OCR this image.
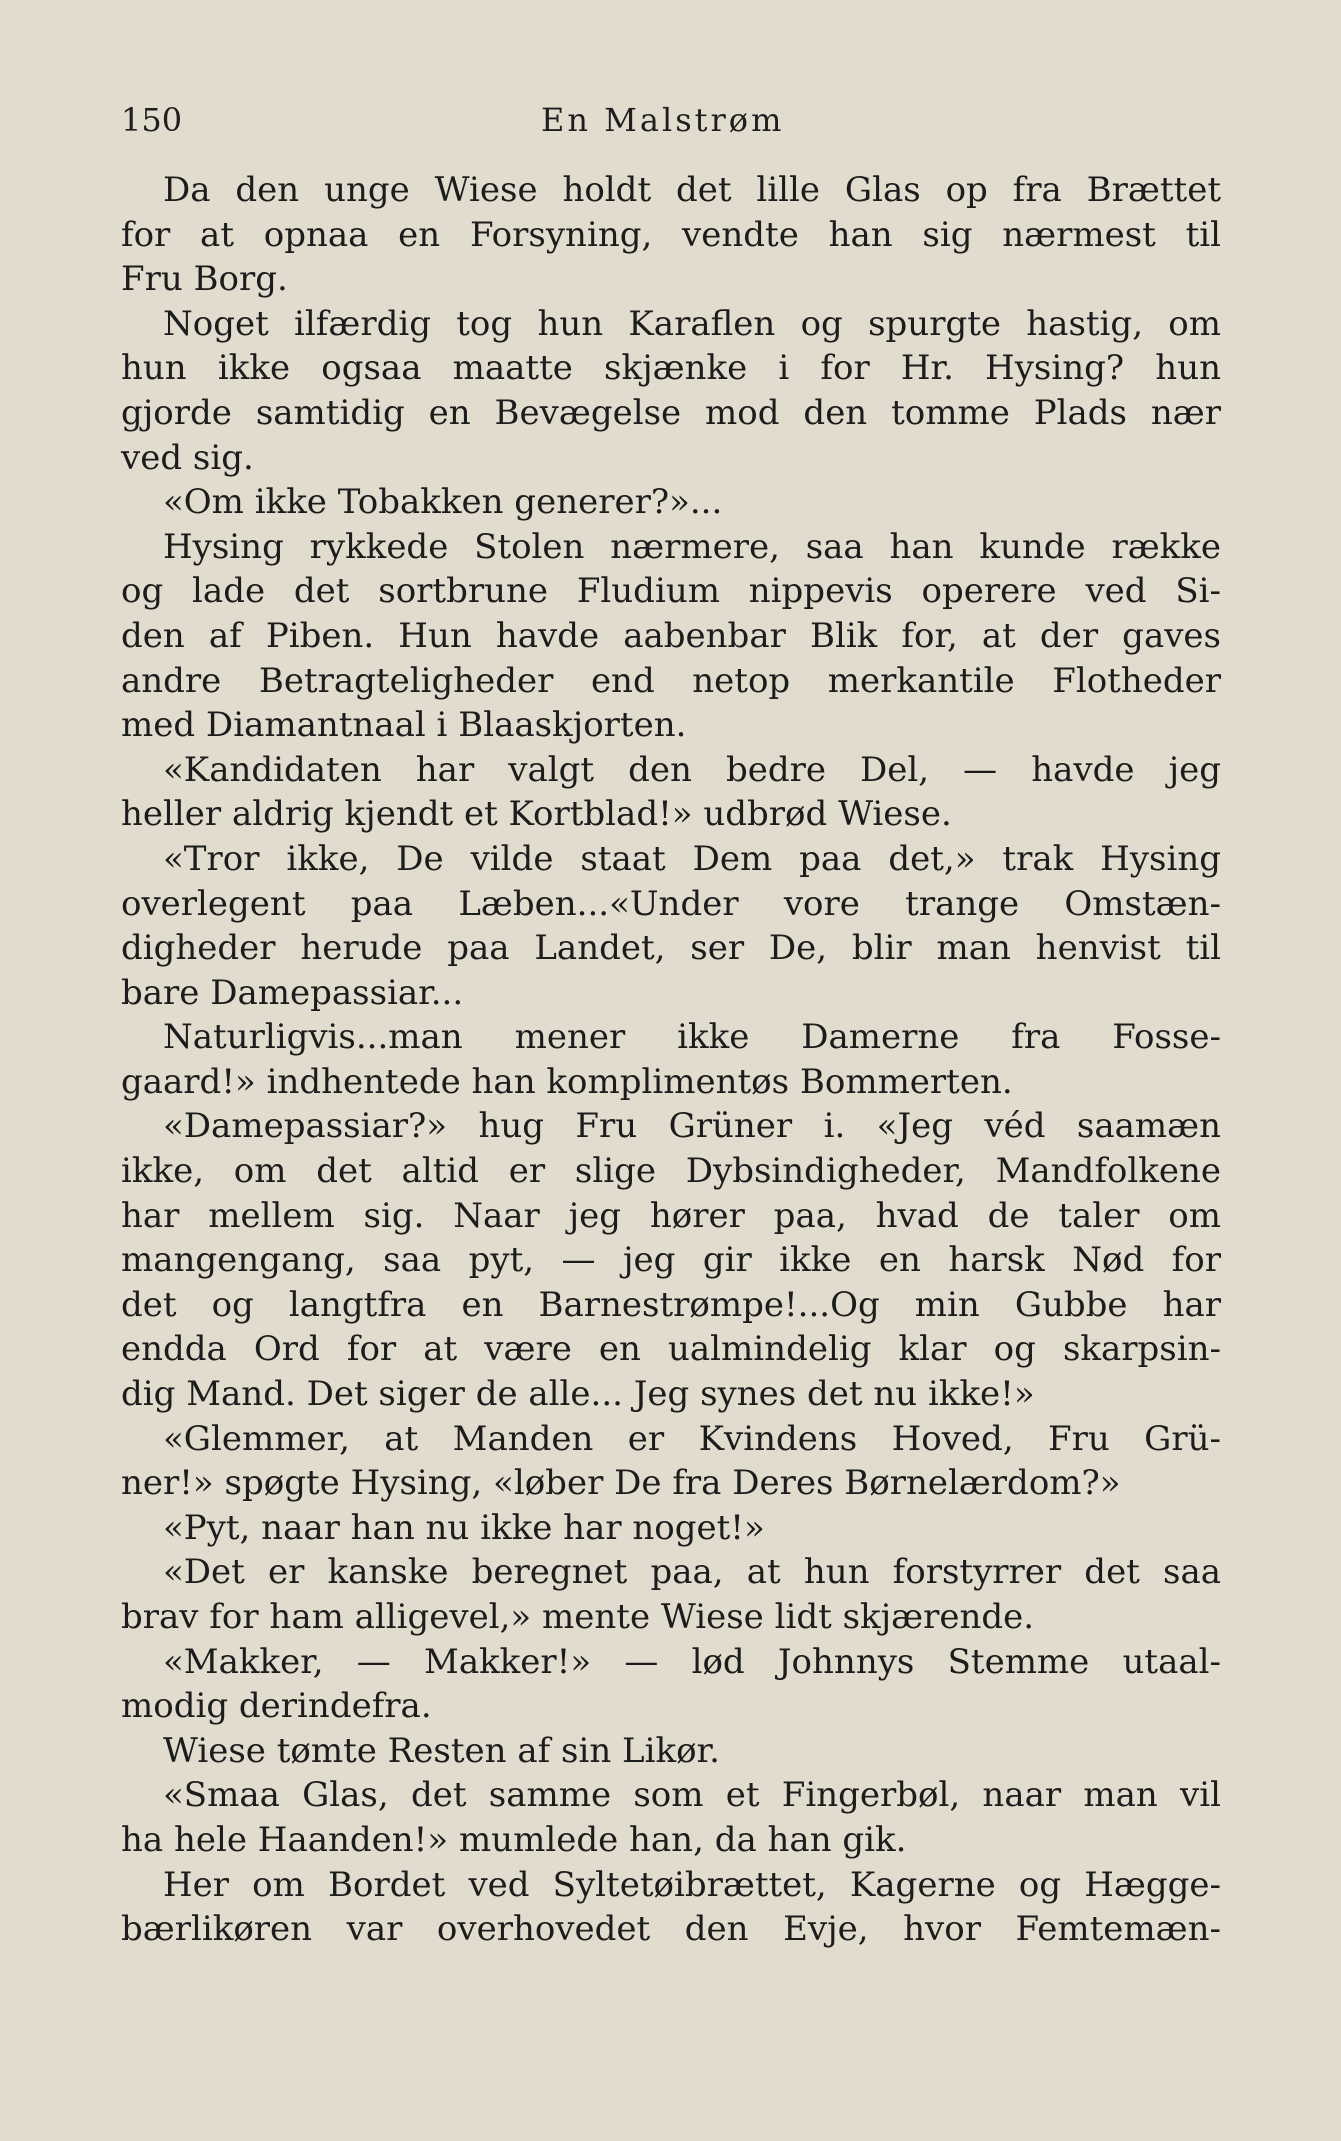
150	En Malstrøm
Da den unge Wiese holdt det lille Glas op fra Brættet
for at opnaa en Forsyning, vendte han sig nærmest til
Fru Borg.
Noget ilfærdig tog hun Karaflen og spurgte hastig, om
hun ikke ogsaa maatte skjænke i for Hr. Hysing? hun
gjorde samtidig en Bevægelse mod den tomme Plads nær
ved sig.
«Om ikke Tobakken generer?»...
Hysing rykkede Stolen nærmere, saa han kunde række
og lade det sortbrune Fludium nippevis operere ved Si-
den af Piben. Hun havde aabenbar Blik for, at der gaves
andre Betragteligheder end netop merkantile Flotheder
med Diamantnaal i Blaaskjorten.
«Kandidaten har valgt den bedre Del, — havde jeg
heller aldrig kjendt et Kortblad!» udbrød Wiese.
«Tror ikke, De vilde staat Dem paa det,» trak Hysing
overlegent paa Læben...«Under vore trange Omstæn-
digheder herude paa Landet, ser De, blir man henvist til
bare Damepassiar...
Naturligvis...man mener ikke Damerne fra Fosse-
gaard!» indhentede han komplimentøs Bommerten.
«Damepassiar?» hug Fru Grüner i. «Jeg véd saamæn
ikke, om det altid er slige Dybsindigheder, Mandfolkene
har mellem sig. Naar jeg hører paa, hvad de taler om
mangengang, saa pyt, — jeg gir ikke en harsk Nød for
det og langtfra en Barnestrømpe!...Og min Gubbe har
endda Ord for at være en ualmindelig klar og skarpsin-
dig Mand. Det siger de alle... Jeg synes det nu ikke!»
«Glemmer, at Manden er Kvindens Hoved, Fru Grü-
ner!» spøgte Hysing, «løber De fra Deres Børnelærdom?»
«Pyt, naar han nu ikke har noget!»
«Det er kanske beregnet paa, at hun forstyrrer det saa
brav for ham alligevel,» mente Wiese lidt skjærende.
«Makker, — Makker!» — lød Johnnys Stemme utaal-
modig derindefra.
Wiese tømte Resten af sin Likør.
«Smaa Glas, det samme som et Fingerbøl, naar man vil
ha hele Haanden!» mumlede han, da han gik.
Her om Bordet ved Syltetøibrættet, Kagerne og Hægge-
bærlikøren var overhovedet den Evje, hvor Femtemæn-
